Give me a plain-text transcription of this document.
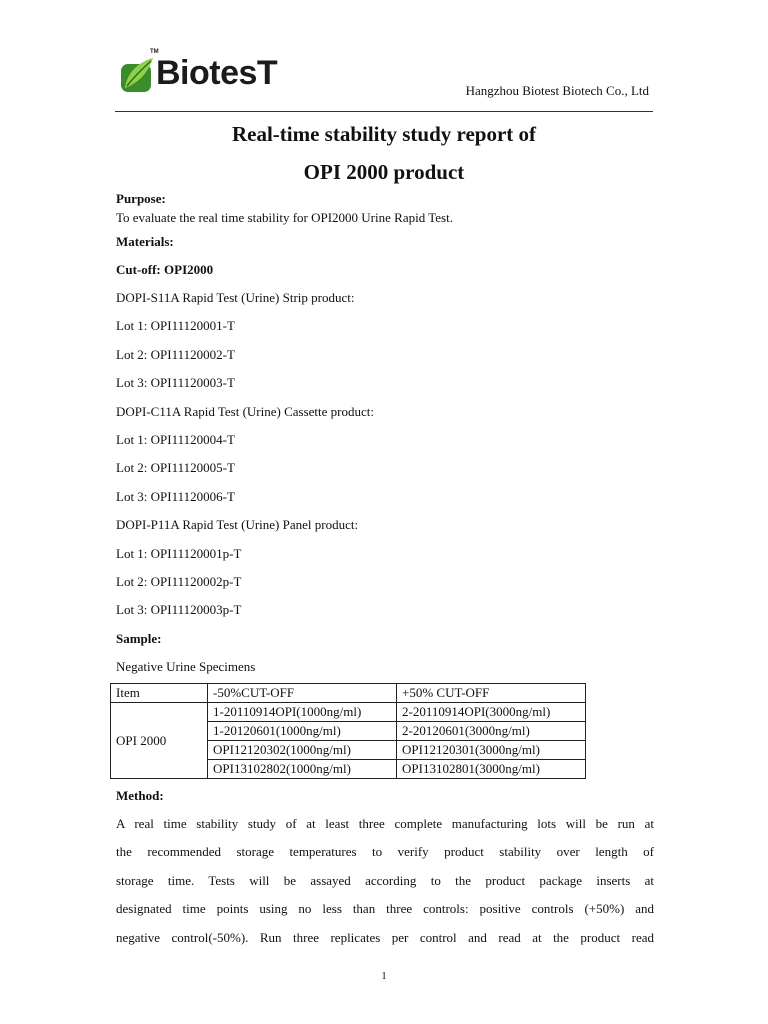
TM
BiotesT	Hangzhou Biotest Biotech Co., Ltd
Real-time stability study report of
OPI 2000 product
Purpose:
To evaluate the real time stability for OPI2000 Urine Rapid Test.
Materials:
Cut-off: OPI2000
DOPI-S11A Rapid Test (Urine) Strip product:
Lot 1: OPI11120001-T
Lot 2: OPI11120002-T
Lot 3: OPI11120003-T
DOPI-C11A Rapid Test (Urine) Cassette product:
Lot 1: OPI11120004-T
Lot 2: OPI11120005-T
Lot 3: OPI11120006-T
DOPI-P11A Rapid Test (Urine) Panel product:
Lot 1: OPI11120001p-T
Lot 2: OPI11120002p-T
Lot 3: OPI11120003p-T
Sample:
Negative Urine Specimens
Item	-50%CUT-OFF	+50% CUT-OFF
OPI 2000	1-20110914OPI(1000ng/ml)	2-20110914OPI(3000ng/ml)
	1-20120601(1000ng/ml)	2-20120601(3000ng/ml)
	OPI12120302(1000ng/ml)	OPI12120301(3000ng/ml)
	OPI13102802(1000ng/ml)	OPI13102801(3000ng/ml)
Method:
A real time stability study of at least three complete manufacturing lots will be run at
the recommended storage temperatures to verify product stability over length of
storage time. Tests will be assayed according to the product package inserts at
designated time points using no less than three controls: positive controls (+50%) and
negative control(-50%). Run three replicates per control and read at the product read
1
